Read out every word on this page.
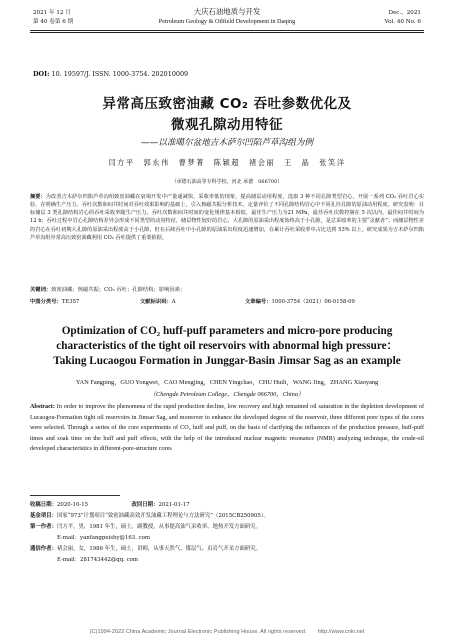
2021 年 12 月
第 40 卷第 6 期
大庆石油地质与开发
Petroleum Geology & Oilfield Development in Daqing
Dec.，2021
Vol. 40 No. 6
DOI: 10. 19597/J. ISSN. 1000-3754. 202010009
异常高压致密油藏 CO₂ 吞吐参数优化及
微观孔隙动用特征
——以准噶尔盆地吉木萨尔凹陷芦草沟组为例
闫方平　郭永伟　曹梦菁　陈颖超　褚会丽　王　晶　张笑洋
（承德石油高等专科学校，河北 承德　066700）
摘要：为改善吉木萨尔凹陷芦草沟组致密油藏在衰竭开发中产量递减快、采收率低的现象，提高储层动用程度，选取 3 种不同孔隙类型岩心，开展一系列 CO₂ 吞吐岩心实验，在明确生产压力、吞吐次数和闷井时间对吞吐效果影响的基础上，引入核磁共振分析技术，定量评价了不同孔隙结构岩心中不同孔径孔隙的原油动用程度。研究表明：目标储层 3 类孔隙结构岩心的吞吐采收率随生产压力、吞吐次数和闷井时间的变化规律基本相似，最佳生产压力为21 MPa，最佳吞吐次数控制在 5 次以内，最佳闷井时间为 12 h；吞吐过程中岩心孔隙结构差异会形成不同类型的动用特征，储层物性较好的岩心，大孔隙的原油采出程度始终高于小孔隙，是总采收率的主要“贡献者”；而储层物性差的岩心在吞吐初期大孔隙的原油采出程度高于小孔隙，但在后续吞吐中小孔隙的原油采出程度迅速增加，在累计吞吐采收率中占比达到 53% 以上。研究成果为吉木萨尔凹陷芦草沟组异常高压致密油藏利用 CO₂ 吞吐提供了重要依据。
关键词：致密油藏；核磁共振；CO₂ 吞吐；孔隙结构；影响因素；
中图分类号：TE357	文献标识码：A	文章编号：1000-3754（2021）06-0158-09
Optimization of CO₂ huff-puff parameters and micro-pore producing
characteristics of the tight oil reservoirs with abnormal high pressure：
Taking Lucaogou Formation in Junggar-Basin Jimsar Sag as an example
YAN Fangping，GUO Yongwei，CAO Mengjing，CHEN Yingchao，CHU Huili，WANG Jing，ZHANG Xiaoyang
（Chengde Petroleum College，Chengde 066700，China）
Abstract: In order to improve the phenomena of the rapid production decline, low recovery and high remained oil saturation in the depletion development of Lucaogou-Formation tight oil reservoirs in Jimsar Sag, and moreover to enhance the developed degree of the reservoir, three different pore types of the cores were selected. Through a series of the core experiments of CO₂ huff and puff, on the basis of clarifying the influences of the production pressure, huff-puff times and soak time on the huff and puff effects, with the help of the introduced nuclear magnetic resonance (NMR) analyzing technique, the crude-oil developed characteristics in different-pore-structure cores
收稿日期：2020-10-15	改回日期：2021-01-17
基金项目：国家“973”计划项目“致密油藏高效开发油藏工程理论与方法研究”（2015CB250905）。
第一作者：闫方平，男，1981 年生，硕士，副教授，从事提高油气采收率、地热开发方面研究。
E-mail：yanfangpeishy@163. com
通信作者：褚会丽，女，1986 年生，硕士，讲师，从事天然气、煤层气、页岩气开采方面研究。
E-mail：281743442@qq. com
(C)1994-2022 China Academic Journal Electronic Publishing House. All rights reserved.　　http://www.cnki.net
